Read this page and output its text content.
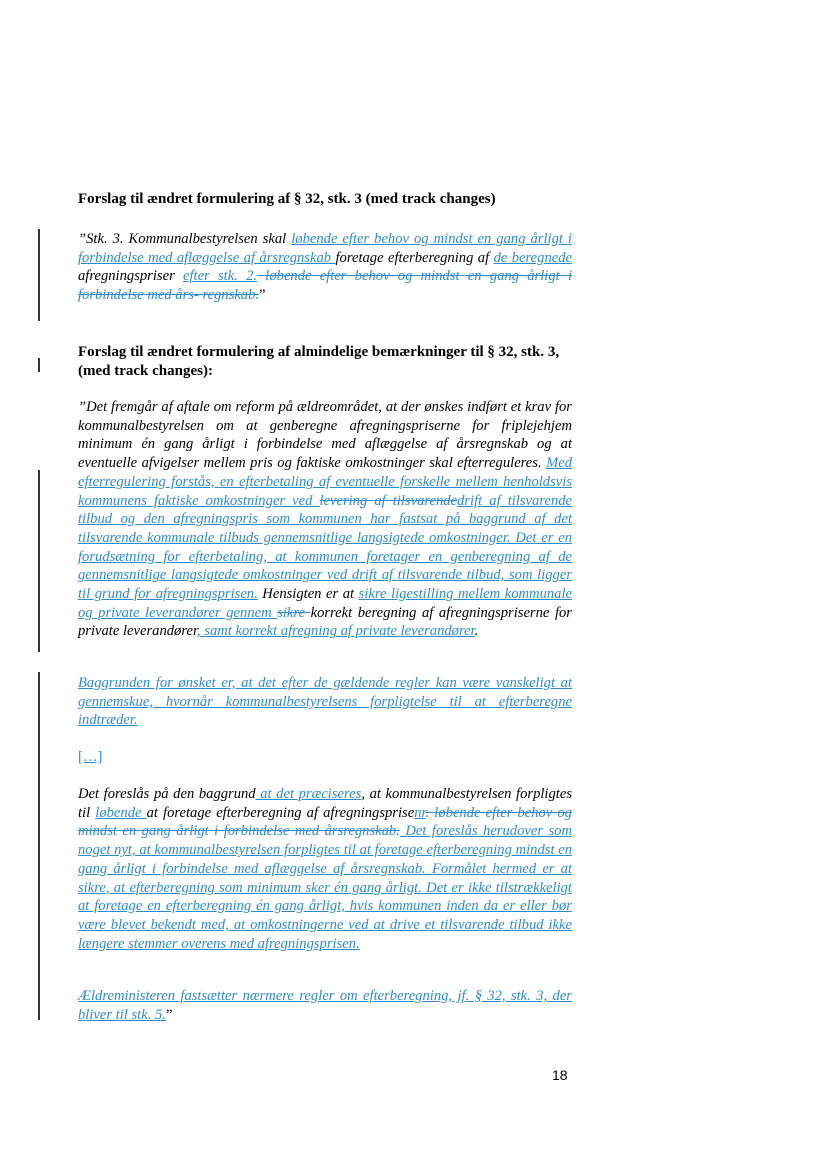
Forslag til ændret formulering af § 32, stk. 3 (med track changes)
”Stk. 3. Kommunalbestyrelsen skal løbende efter behov og mindst en gang årligt i forbindelse med aflæggelse af årsregnskab foretage efterberegning af de beregnede afregningspriser efter stk. 2. løbende efter behov og mindst en gang årligt i forbindelse med års- regnskab.”
Forslag til ændret formulering af almindelige bemærkninger til § 32, stk. 3, (med track changes):
”Det fremgår af aftale om reform på ældreområdet, at der ønskes indført et krav for kommunalbestyrelsen om at genberegne afregningspriserne for friplejehjem minimum én gang årligt i forbindelse med aflæggelse af årsregnskab og at eventuelle afvigelser mellem pris og faktiske omkostninger skal efterreguleres. Med efterregulering forstås, en efterbetaling af eventuelle forskelle mellem henholdsvis kommunens faktiske omkostninger ved levering af tilsvarendedrift af tilsvarende tilbud og den afregningspris som kommunen har fastsat på baggrund af det tilsvarende kommunale tilbuds gennemsnitlige langsigtede omkostninger. Det er en forudsætning for efterbetaling, at kommunen foretager en genberegning af de gennemsnitlige langsigtede omkostninger ved drift af tilsvarende tilbud, som ligger til grund for afregningsprisen. Hensigten er at sikre ligestilling mellem kommunale og private leverandører gennem sikre korrekt beregning af afregningspriserne for private leverandører, samt korrekt afregning af private leverandører.
Baggrunden for ønsket er, at det efter de gældende regler kan være vanskeligt at gennemskue, hvornår kommunalbestyrelsens forpligtelse til at efterberegne indtræder.
[…]
Det foreslås på den baggrund at det præciseres, at kommunalbestyrelsen forpligtes til løbende at foretage efterberegning af afregningsprisenr. løbende efter behov og mindst en gang årligt i forbindelse med årsregnskab. Det foreslås herudover som noget nyt, at kommunalbestyrelsen forpligtes til at foretage efterberegning mindst en gang årligt i forbindelse med aflæggelse af årsregnskab. Formålet hermed er at sikre, at efterberegning som minimum sker én gang årligt. Det er ikke tilstrækkeligt at foretage en efterberegning én gang årligt, hvis kommunen inden da er eller bør være blevet bekendt med, at omkostningerne ved at drive et tilsvarende tilbud ikke længere stemmer overens med afregningsprisen.
Ældreministeren fastsætter nærmere regler om efterberegning, jf. § 32, stk. 3, der bliver til stk. 5.”
18
